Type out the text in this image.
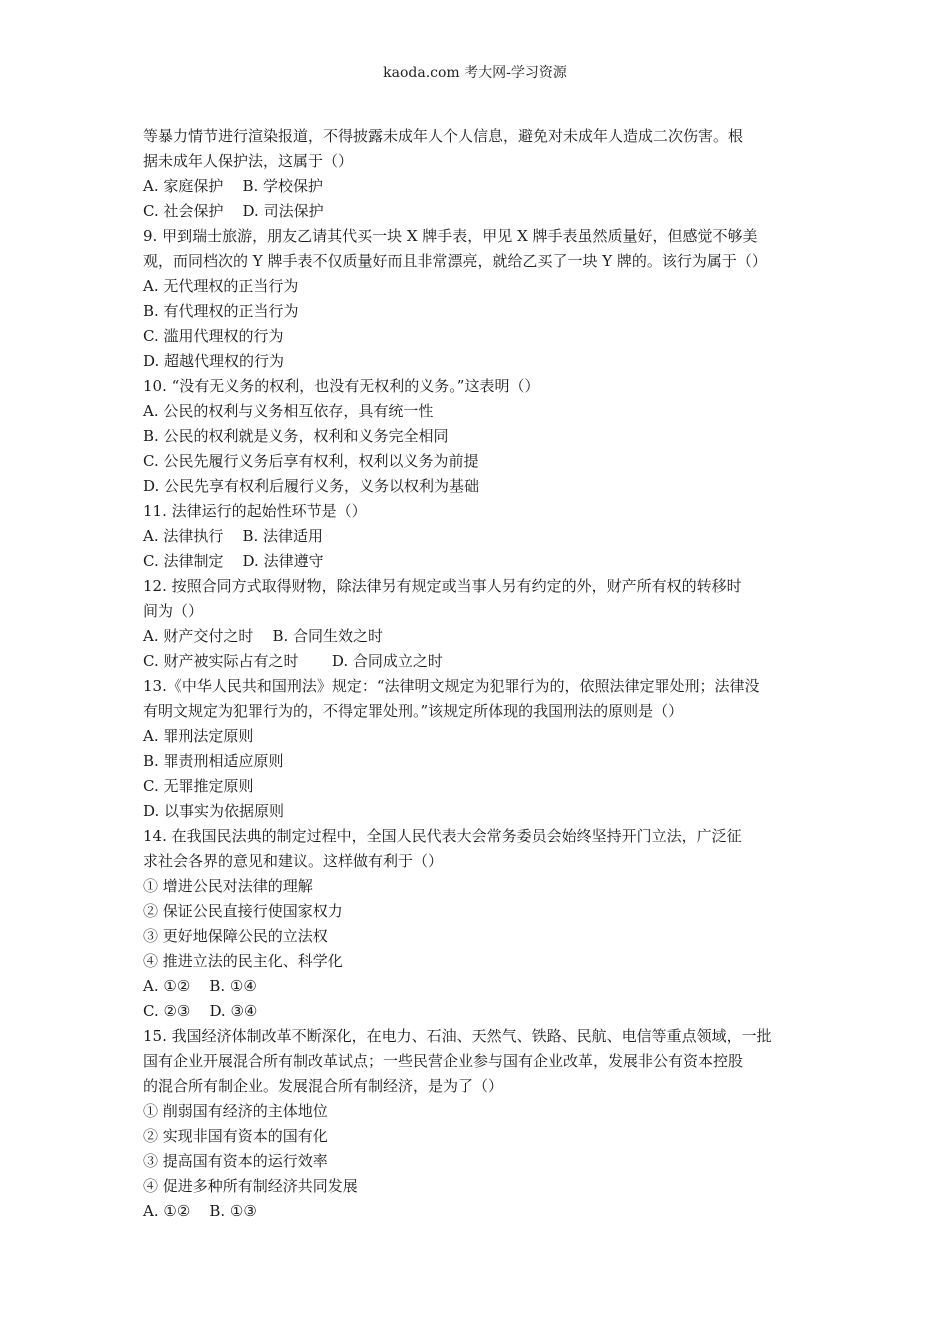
kaoda.com 考大网-学习资源
等暴力情节进行渲染报道，不得披露未成年人个人信息，避免对未成年人造成二次伤害。根
据未成年人保护法，这属于（）
A. 家庭保护    B. 学校保护
C. 社会保护    D. 司法保护
9. 甲到瑞士旅游，朋友乙请其代买一块 X 牌手表，甲见 X 牌手表虽然质量好，但感觉不够美
观，而同档次的 Y 牌手表不仅质量好而且非常漂亮，就给乙买了一块 Y 牌的。该行为属于（）
A. 无代理权的正当行为
B. 有代理权的正当行为
C. 滥用代理权的行为
D. 超越代理权的行为
10. “没有无义务的权利，也没有无权利的义务。”这表明（）
A. 公民的权利与义务相互依存，具有统一性
B. 公民的权利就是义务，权利和义务完全相同
C. 公民先履行义务后享有权利，权利以义务为前提
D. 公民先享有权利后履行义务，义务以权利为基础
11. 法律运行的起始性环节是（）
A. 法律执行    B. 法律适用
C. 法律制定    D. 法律遵守
12. 按照合同方式取得财物，除法律另有规定或当事人另有约定的外，财产所有权的转移时
间为（）
A. 财产交付之时    B. 合同生效之时
C. 财产被实际占有之时       D. 合同成立之时
13.《中华人民共和国刑法》规定：“法律明文规定为犯罪行为的，依照法律定罪处刑；法律没
有明文规定为犯罪行为的，不得定罪处刑。”该规定所体现的我国刑法的原则是（）
A. 罪刑法定原则
B. 罪责刑相适应原则
C. 无罪推定原则
D. 以事实为依据原则
14. 在我国民法典的制定过程中，全国人民代表大会常务委员会始终坚持开门立法，广泛征
求社会各界的意见和建议。这样做有利于（）
① 增进公民对法律的理解
② 保证公民直接行使国家权力
③ 更好地保障公民的立法权
④ 推进立法的民主化、科学化
A. ①②    B. ①④
C. ②③    D. ③④
15. 我国经济体制改革不断深化，在电力、石油、天然气、铁路、民航、电信等重点领域，一批
国有企业开展混合所有制改革试点；一些民营企业参与国有企业改革，发展非公有资本控股
的混合所有制企业。发展混合所有制经济，是为了（）
① 削弱国有经济的主体地位
② 实现非国有资本的国有化
③ 提高国有资本的运行效率
④ 促进多种所有制经济共同发展
A. ①②    B. ①③
